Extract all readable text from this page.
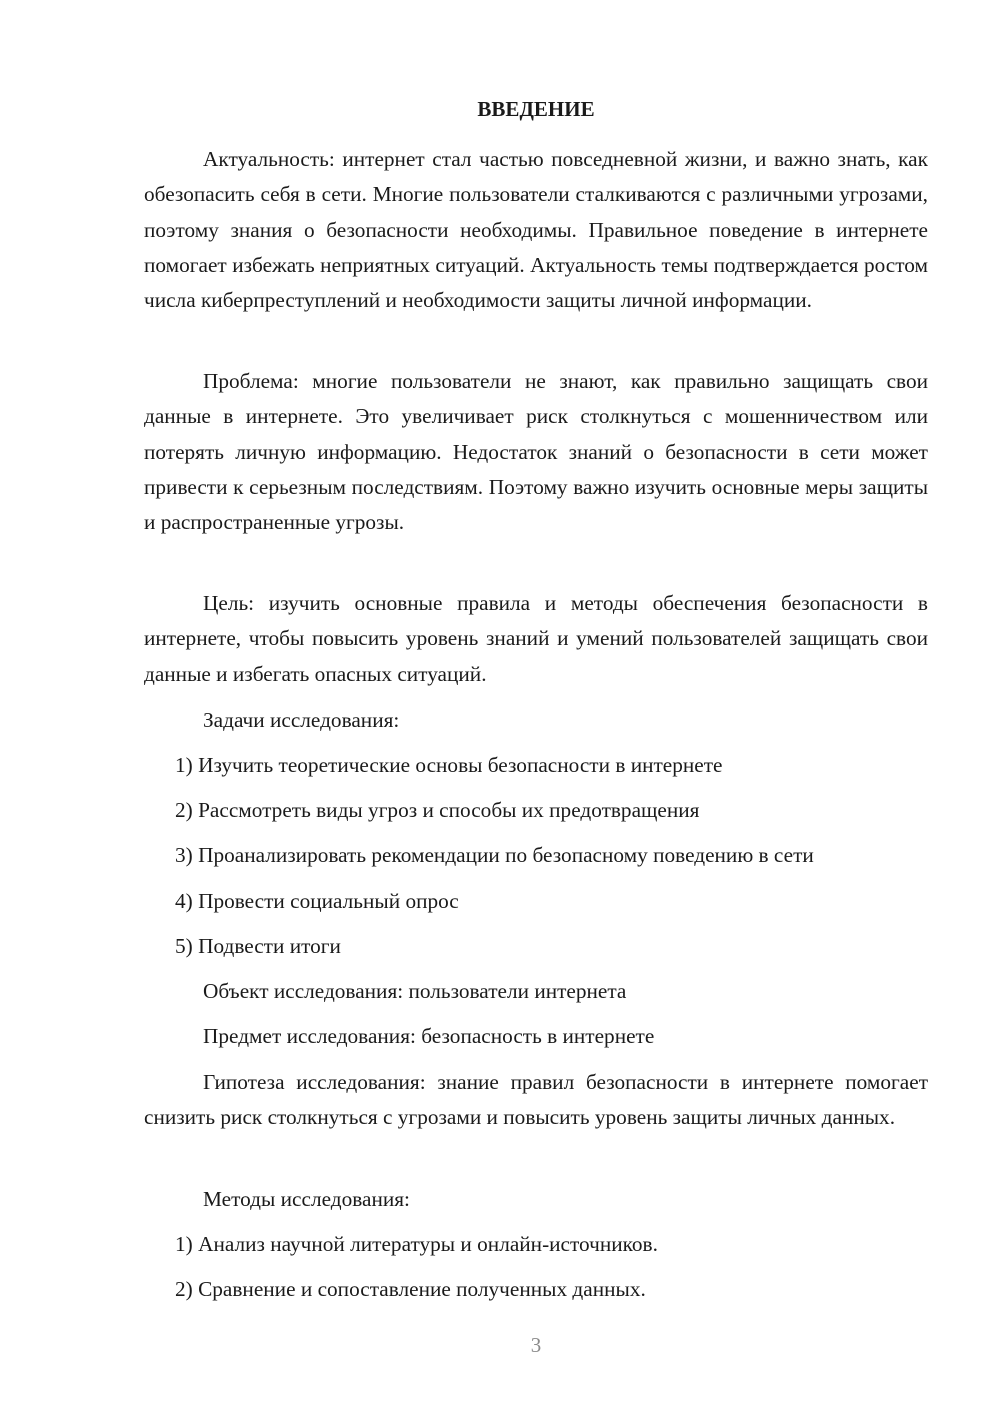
ВВЕДЕНИЕ

Актуальность: интернет стал частью повседневной жизни, и важно знать, как обезопасить себя в сети. Многие пользователи сталкиваются с различными угрозами, поэтому знания о безопасности необходимы. Правильное поведение в интернете помогает избежать неприятных ситуаций. Актуальность темы подтверждается ростом числа киберпреступлений и необходимости защиты личной информации.

Проблема: многие пользователи не знают, как правильно защищать свои данные в интернете. Это увеличивает риск столкнуться с мошенничеством или потерять личную информацию. Недостаток знаний о безопасности в сети может привести к серьезным последствиям. Поэтому важно изучить основные меры защиты и распространенные угрозы.

Цель: изучить основные правила и методы обеспечения безопасности в интернете, чтобы повысить уровень знаний и умений пользователей защищать свои данные и избегать опасных ситуаций.

Задачи исследования:

1) Изучить теоретические основы безопасности в интернете

2) Рассмотреть виды угроз и способы их предотвращения

3) Проанализировать рекомендации по безопасному поведению в сети

4) Провести социальный опрос

5) Подвести итоги

Объект исследования: пользователи интернета

Предмет исследования: безопасность в интернете

Гипотеза исследования: знание правил безопасности в интернете помогает снизить риск столкнуться с угрозами и повысить уровень защиты личных данных.

Методы исследования:

1) Анализ научной литературы и онлайн-источников.

2) Сравнение и сопоставление полученных данных.

3
